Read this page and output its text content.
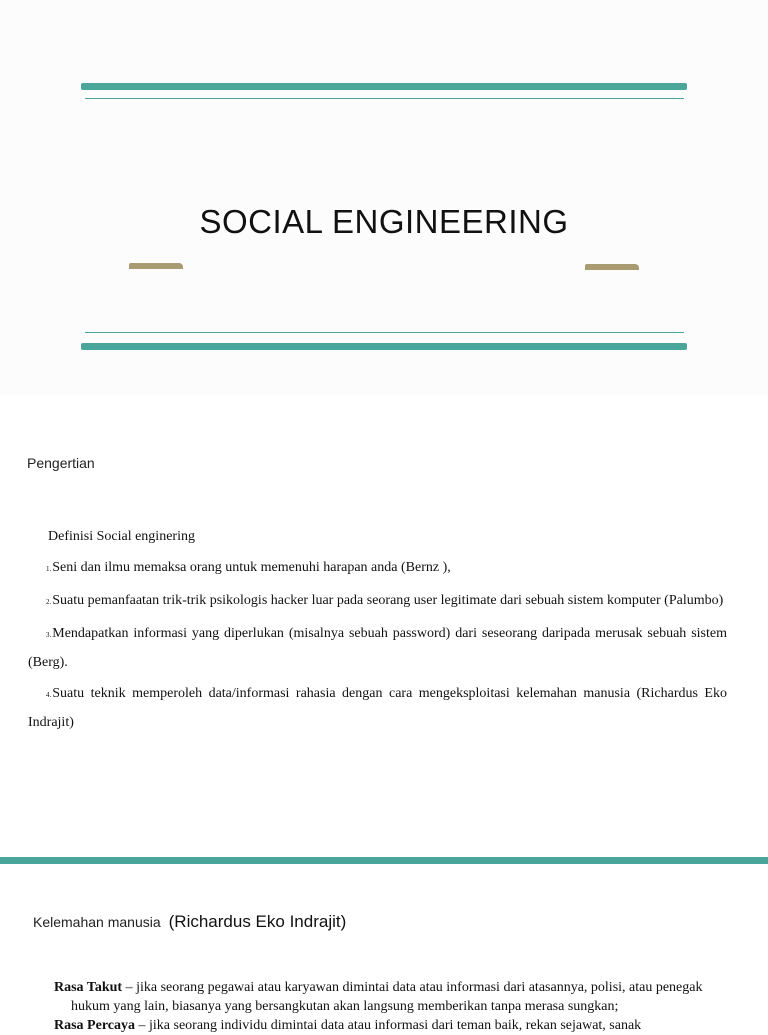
SOCIAL ENGINEERING
Pengertian

Definisi Social enginering

1.Seni dan ilmu memaksa orang untuk memenuhi harapan anda (Bernz ),

2.Suatu pemanfaatan trik-trik psikologis hacker luar pada seorang user legitimate dari sebuah sistem komputer (Palumbo)

3.Mendapatkan informasi yang diperlukan (misalnya sebuah password) dari seseorang daripada merusak sebuah sistem (Berg).

4.Suatu teknik memperoleh data/informasi rahasia dengan cara mengeksploitasi kelemahan manusia (Richardus Eko Indrajit)

Kelemahan manusia (Richardus Eko Indrajit)

Rasa Takut – jika seorang pegawai atau karyawan dimintai data atau informasi dari atasannya, polisi, atau penegak hukum yang lain, biasanya yang bersangkutan akan langsung memberikan tanpa merasa sungkan;

Rasa Percaya – jika seorang individu dimintai data atau informasi dari teman baik, rekan sejawat, sanak
